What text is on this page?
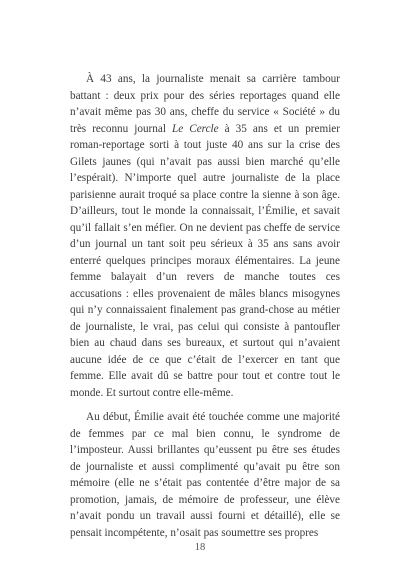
À 43 ans, la journaliste menait sa carrière tambour battant : deux prix pour des séries reportages quand elle n’avait même pas 30 ans, cheffe du service « Société » du très reconnu journal Le Cercle à 35 ans et un premier roman-reportage sorti à tout juste 40 ans sur la crise des Gilets jaunes (qui n’avait pas aussi bien marché qu’elle l’espérait). N’importe quel autre journaliste de la place parisienne aurait troqué sa place contre la sienne à son âge. D’ailleurs, tout le monde la connaissait, l’Émilie, et savait qu’il fallait s’en méfier. On ne devient pas cheffe de service d’un journal un tant soit peu sérieux à 35 ans sans avoir enterré quelques principes moraux élémentaires. La jeune femme balayait d’un revers de manche toutes ces accusations : elles provenaient de mâles blancs misogynes qui n’y connaissaient finalement pas grand-chose au métier de journaliste, le vrai, pas celui qui consiste à pantoufler bien au chaud dans ses bureaux, et surtout qui n’avaient aucune idée de ce que c’était de l’exercer en tant que femme. Elle avait dû se battre pour tout et contre tout le monde. Et surtout contre elle-même.

Au début, Émilie avait été touchée comme une majorité de femmes par ce mal bien connu, le syndrome de l’imposteur. Aussi brillantes qu’eussent pu être ses études de journaliste et aussi complimenté qu’avait pu être son mémoire (elle ne s’était pas contentée d’être major de sa promotion, jamais, de mémoire de professeur, une élève n’avait pondu un travail aussi fourni et détaillé), elle se pensait incompétente, n’osait pas soumettre ses propres

18
